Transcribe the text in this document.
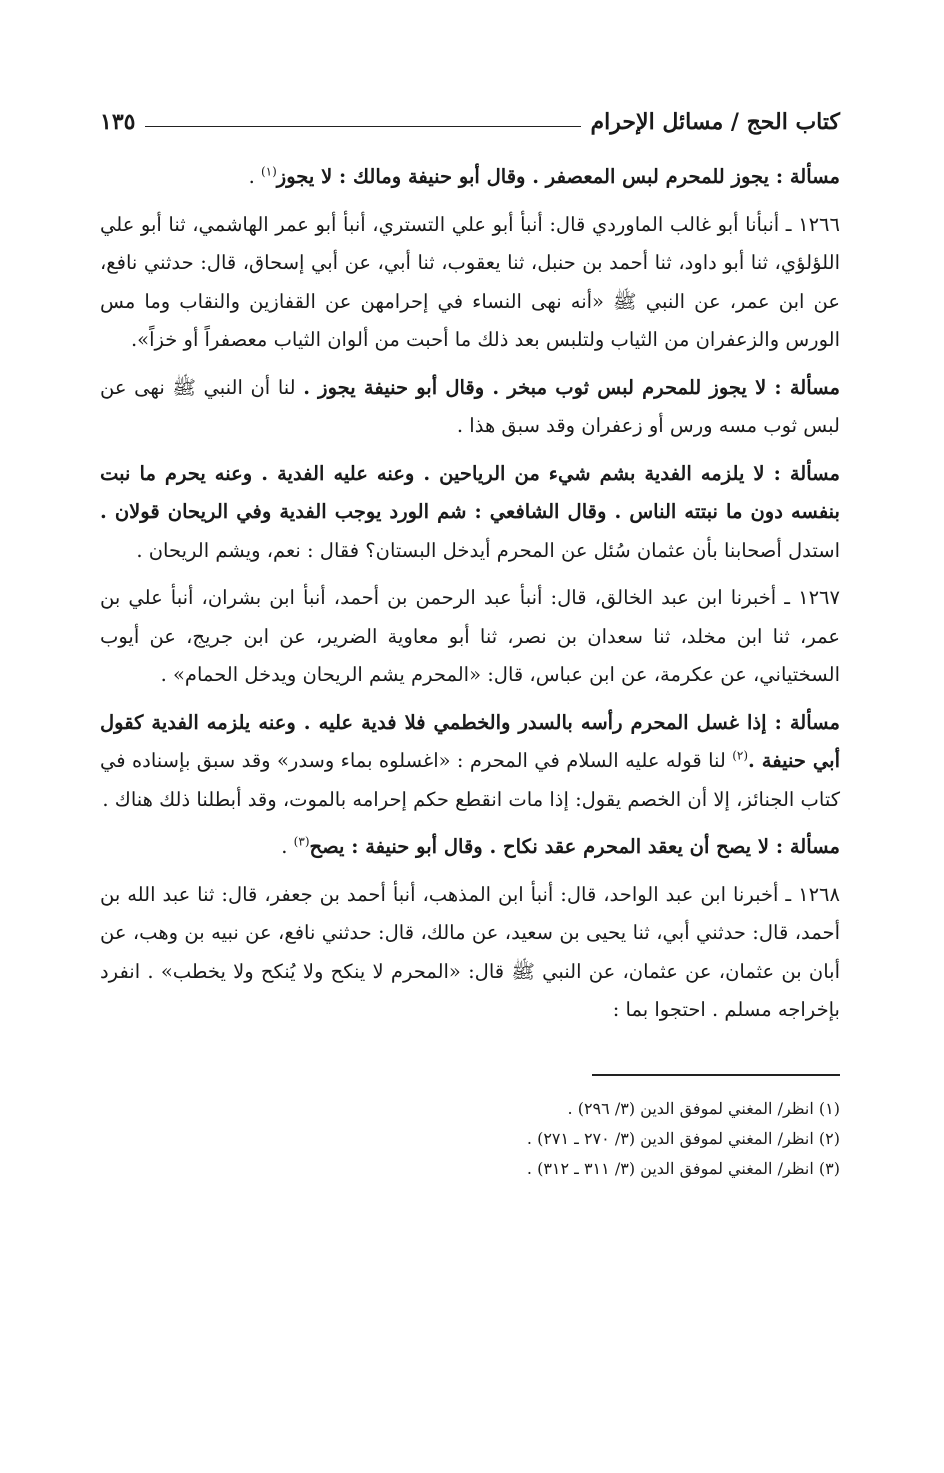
كتاب الحج / مسائل الإحرام
١٣٥

مسألة : يجوز للمحرم لبس المعصفر . وقال أبو حنيفة ومالك : لا يجوز$^{(١)}$ .

١٢٦٦ ـ أنبأنا أبو غالب الماوردي قال: أنبأ أبو علي التستري، أنبأ أبو عمر الهاشمي، ثنا أبو علي اللؤلؤي، ثنا أبو داود، ثنا أحمد بن حنبل، ثنا يعقوب، ثنا أبي، عن أبي إسحاق، قال: حدثني نافع، عن ابن عمر، عن النبي ﷺ «أنه نهى النساء في إحرامهن عن القفازين والنقاب وما مس الورس والزعفران من الثياب ولتلبس بعد ذلك ما أحبت من ألوان الثياب معصفراً أو خزاً».

مسألة : لا يجوز للمحرم لبس ثوب مبخر . وقال أبو حنيفة يجوز . لنا أن النبي ﷺ نهى عن لبس ثوب مسه ورس أو زعفران وقد سبق هذا .

مسألة : لا يلزمه الفدية بشم شيء من الرياحين . وعنه عليه الفدية . وعنه يحرم ما نبت بنفسه دون ما نبتته الناس . وقال الشافعي : شم الورد يوجب الفدية وفي الريحان قولان . استدل أصحابنا بأن عثمان سُئل عن المحرم أيدخل البستان؟ فقال : نعم، ويشم الريحان .

١٢٦٧ ـ أخبرنا ابن عبد الخالق، قال: أنبأ عبد الرحمن بن أحمد، أنبأ ابن بشران، أنبأ علي بن عمر، ثنا ابن مخلد، ثنا سعدان بن نصر، ثنا أبو معاوية الضرير، عن ابن جريج، عن أيوب السختياني، عن عكرمة، عن ابن عباس، قال: «المحرم يشم الريحان ويدخل الحمام» .

مسألة : إذا غسل المحرم رأسه بالسدر والخطمي فلا فدية عليه . وعنه يلزمه الفدية كقول أبي حنيفة .$^{(٢)}$ لنا قوله عليه السلام في المحرم : «اغسلوه بماء وسدر» وقد سبق بإسناده في كتاب الجنائز، إلا أن الخصم يقول: إذا مات انقطع حكم إحرامه بالموت، وقد أبطلنا ذلك هناك .

مسألة : لا يصح أن يعقد المحرم عقد نكاح . وقال أبو حنيفة : يصح$^{(٣)}$ .

١٢٦٨ ـ أخبرنا ابن عبد الواحد، قال: أنبأ ابن المذهب، أنبأ أحمد بن جعفر، قال: ثنا عبد الله بن أحمد، قال: حدثني أبي، ثنا يحيى بن سعيد، عن مالك، قال: حدثني نافع، عن نبيه بن وهب، عن أبان بن عثمان، عن عثمان، عن النبي ﷺ قال: «المحرم لا ينكح ولا يُنكح ولا يخطب» . انفرد بإخراجه مسلم . احتجوا بما :

(١) انظر/ المغني لموفق الدين (٣/ ٢٩٦) .
(٢) انظر/ المغني لموفق الدين (٣/ ٢٧٠ ـ ٢٧١) .
(٣) انظر/ المغني لموفق الدين (٣/ ٣١١ ـ ٣١٢) .
